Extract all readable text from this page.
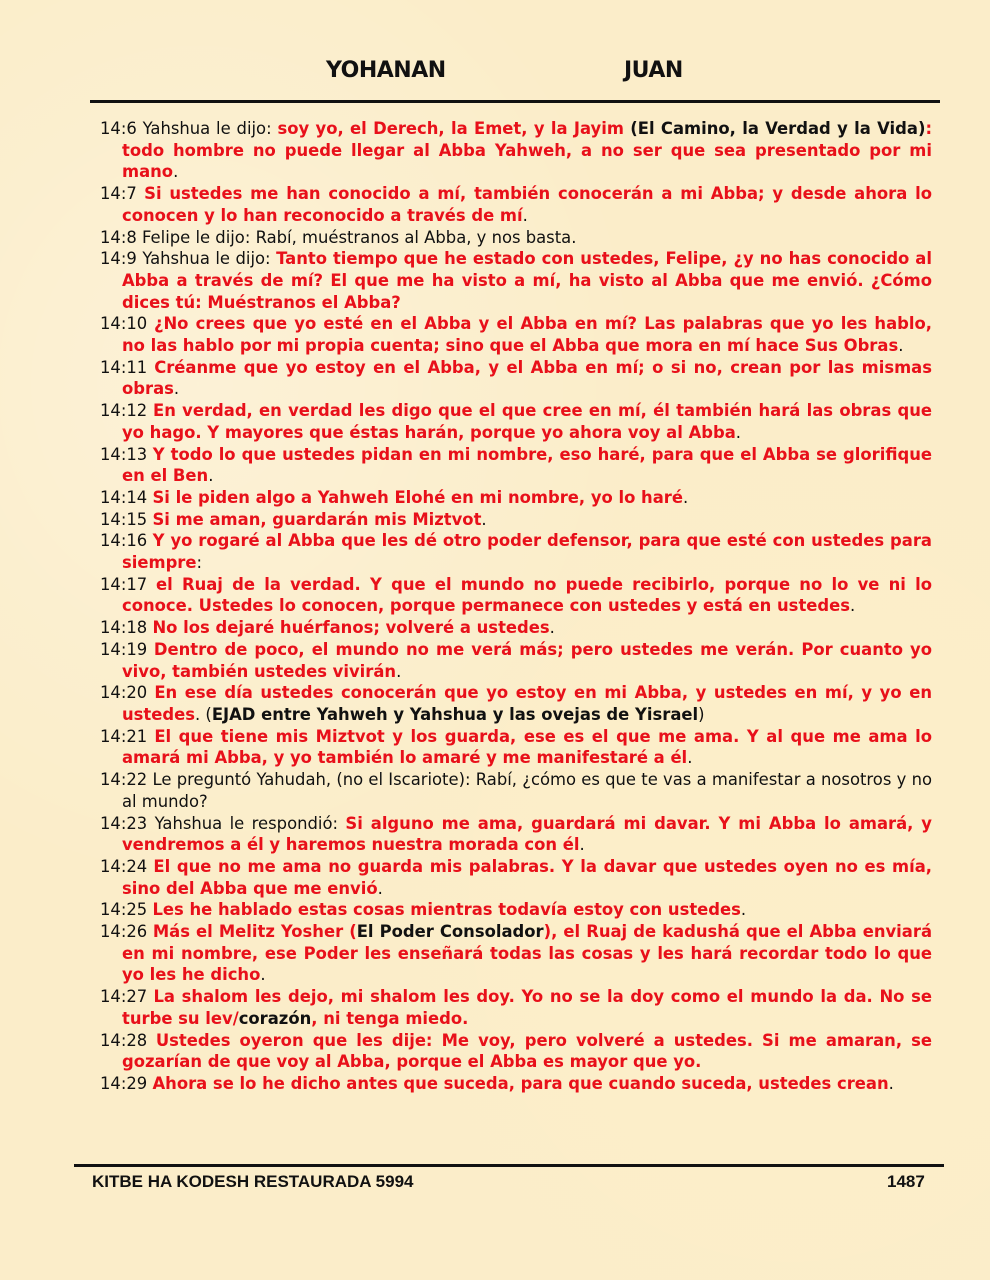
YOHANAN	JUAN

14:6 Yahshua le dijo: soy yo, el Derech, la Emet, y la Jayim (El Camino, la Verdad y la Vida): todo hombre no puede llegar al Abba Yahweh, a no ser que sea presentado por mi mano.

14:7 Si ustedes me han conocido a mí, también conocerán a mi Abba; y desde ahora lo conocen y lo han reconocido a través de mí.

14:8 Felipe le dijo: Rabí, muéstranos al Abba, y nos basta.

14:9 Yahshua le dijo: Tanto tiempo que he estado con ustedes, Felipe, ¿y no has conocido al Abba a través de mí? El que me ha visto a mí, ha visto al Abba que me envió. ¿Cómo dices tú: Muéstranos el Abba?

14:10 ¿No crees que yo esté en el Abba y el Abba en mí? Las palabras que yo les hablo, no las hablo por mi propia cuenta; sino que el Abba que mora en mí hace Sus Obras.

14:11 Créanme que yo estoy en el Abba, y el Abba en mí; o si no, crean por las mismas obras.

14:12 En verdad, en verdad les digo que el que cree en mí, él también hará las obras que yo hago. Y mayores que éstas harán, porque yo ahora voy al Abba.

14:13 Y todo lo que ustedes pidan en mi nombre, eso haré, para que el Abba se glorifique en el Ben.

14:14 Si le piden algo a Yahweh Elohé en mi nombre, yo lo haré.

14:15 Si me aman, guardarán mis Miztvot.

14:16 Y yo rogaré al Abba que les dé otro poder defensor, para que esté con ustedes para siempre:

14:17 el Ruaj de la verdad. Y que el mundo no puede recibirlo, porque no lo ve ni lo conoce. Ustedes lo conocen, porque permanece con ustedes y está en ustedes.

14:18 No los dejaré huérfanos; volveré a ustedes.

14:19 Dentro de poco, el mundo no me verá más; pero ustedes me verán. Por cuanto yo vivo, también ustedes vivirán.

14:20 En ese día ustedes conocerán que yo estoy en mi Abba, y ustedes en mí, y yo en ustedes. (EJAD entre Yahweh y Yahshua y las ovejas de Yisrael)

14:21 El que tiene mis Miztvot y los guarda, ese es el que me ama. Y al que me ama lo amará mi Abba, y yo también lo amaré y me manifestaré a él.

14:22 Le preguntó Yahudah, (no el Iscariote): Rabí, ¿cómo es que te vas a manifestar a nosotros y no al mundo?

14:23 Yahshua le respondió: Si alguno me ama, guardará mi davar. Y mi Abba lo amará, y vendremos a él y haremos nuestra morada con él.

14:24 El que no me ama no guarda mis palabras. Y la davar que ustedes oyen no es mía, sino del Abba que me envió.

14:25 Les he hablado estas cosas mientras todavía estoy con ustedes.

14:26 Más el Melitz Yosher (El Poder Consolador), el Ruaj de kadushá que el Abba enviará en mi nombre, ese Poder les enseñará todas las cosas y les hará recordar todo lo que yo les he dicho.

14:27 La shalom les dejo, mi shalom les doy. Yo no se la doy como el mundo la da. No se turbe su lev/corazón, ni tenga miedo.

14:28 Ustedes oyeron que les dije: Me voy, pero volveré a ustedes. Si me amaran, se gozarían de que voy al Abba, porque el Abba es mayor que yo.

14:29 Ahora se lo he dicho antes que suceda, para que cuando suceda, ustedes crean.

KITBE HA KODESH RESTAURADA 5994	1487
